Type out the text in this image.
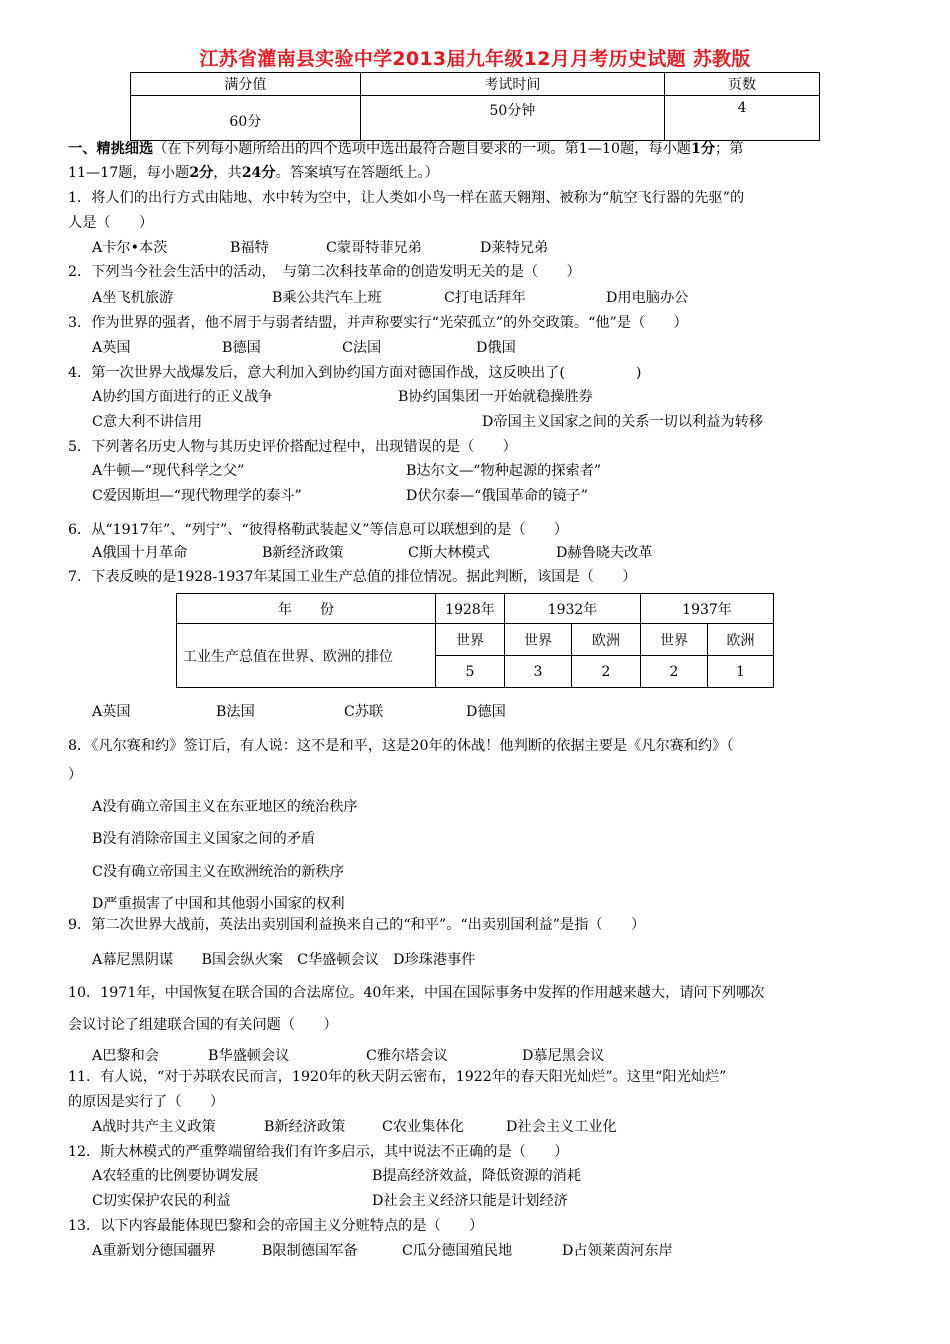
江苏省灌南县实验中学2013届九年级12月月考历史试题 苏教版
满分值	考试时间	页数
60分	50分钟	4
一、精挑细选（在下列每小题所给出的四个选项中选出最符合题目要求的一项。第1—10题，每小题1分；第
11—17题，每小题2分，共24分。答案填写在答题纸上。）
1．将人们的出行方式由陆地、水中转为空中，让人类如小鸟一样在蓝天翱翔、被称为“航空飞行器的先驱”的
人是（　　）
A卡尔•本茨	B福特	C蒙哥特菲兄弟	D莱特兄弟
2．下列当今社会生活中的活动，　与第二次科技革命的创造发明无关的是（　　）
A坐飞机旅游	B乘公共汽车上班	C打电话拜年	D用电脑办公
3．作为世界的强者，他不屑于与弱者结盟，并声称要实行“光荣孤立”的外交政策。“他”是（　　）
A英国	B德国	C法国	D俄国
4．第一次世界大战爆发后，意大利加入到协约国方面对德国作战，这反映出了(　　　　　)
A协约国方面进行的正义战争	B协约国集团一开始就稳操胜券
C意大利不讲信用	D帝国主义国家之间的关系一切以利益为转移
5．下列著名历史人物与其历史评价搭配过程中，出现错误的是（　　）
A牛顿—“现代科学之父”	B达尔文—“物种起源的探索者”
C爱因斯坦—“现代物理学的泰斗”	D伏尔泰—“俄国革命的镜子”
6．从“1917年”、“列宁”、“彼得格勒武装起义”等信息可以联想到的是（　　）
A俄国十月革命	B新经济政策	C斯大林模式	D赫鲁晓夫改革
7．下表反映的是1928-1937年某国工业生产总值的排位情况。据此判断，该国是（　　）
年　　份	1928年	1932年		1937年	
工业生产总值在世界、欧洲的排位	世界	世界	欧洲	世界	欧洲
	5	3	2	2	1
A英国	B法国	C苏联	D德国
8．《凡尔赛和约》签订后，有人说：这不是和平，这是20年的休战！他判断的依据主要是《凡尔赛和约》（
）
A没有确立帝国主义在东亚地区的统治秩序
B没有消除帝国主义国家之间的矛盾
C没有确立帝国主义在欧洲统治的新秩序
D严重损害了中国和其他弱小国家的权利
9．第二次世界大战前，英法出卖别国利益换来自己的“和平”。“出卖别国利益”是指（　　）
A幕尼黑阴谋　　B国会纵火案　C华盛顿会议　D珍珠港事件
10．1971年，中国恢复在联合国的合法席位。40年来，中国在国际事务中发挥的作用越来越大，请问下列哪次
会议讨论了组建联合国的有关问题（　　）
A巴黎和会	B华盛顿会议	C雅尔塔会议	D慕尼黑会议
11．有人说，“对于苏联农民而言，1920年的秋天阴云密布，1922年的春天阳光灿烂”。这里“阳光灿烂”
的原因是实行了（　　）
A战时共产主义政策	B新经济政策	C农业集体化	D社会主义工业化
12．斯大林模式的严重弊端留给我们有许多启示，其中说法不正确的是（　　）
A农轻重的比例要协调发展	B提高经济效益，降低资源的消耗
C切实保护农民的利益	D社会主义经济只能是计划经济
13．以下内容最能体现巴黎和会的帝国主义分赃特点的是（　　）
A重新划分德国疆界	B限制德国军备	C瓜分德国殖民地	D占领莱茵河东岸
